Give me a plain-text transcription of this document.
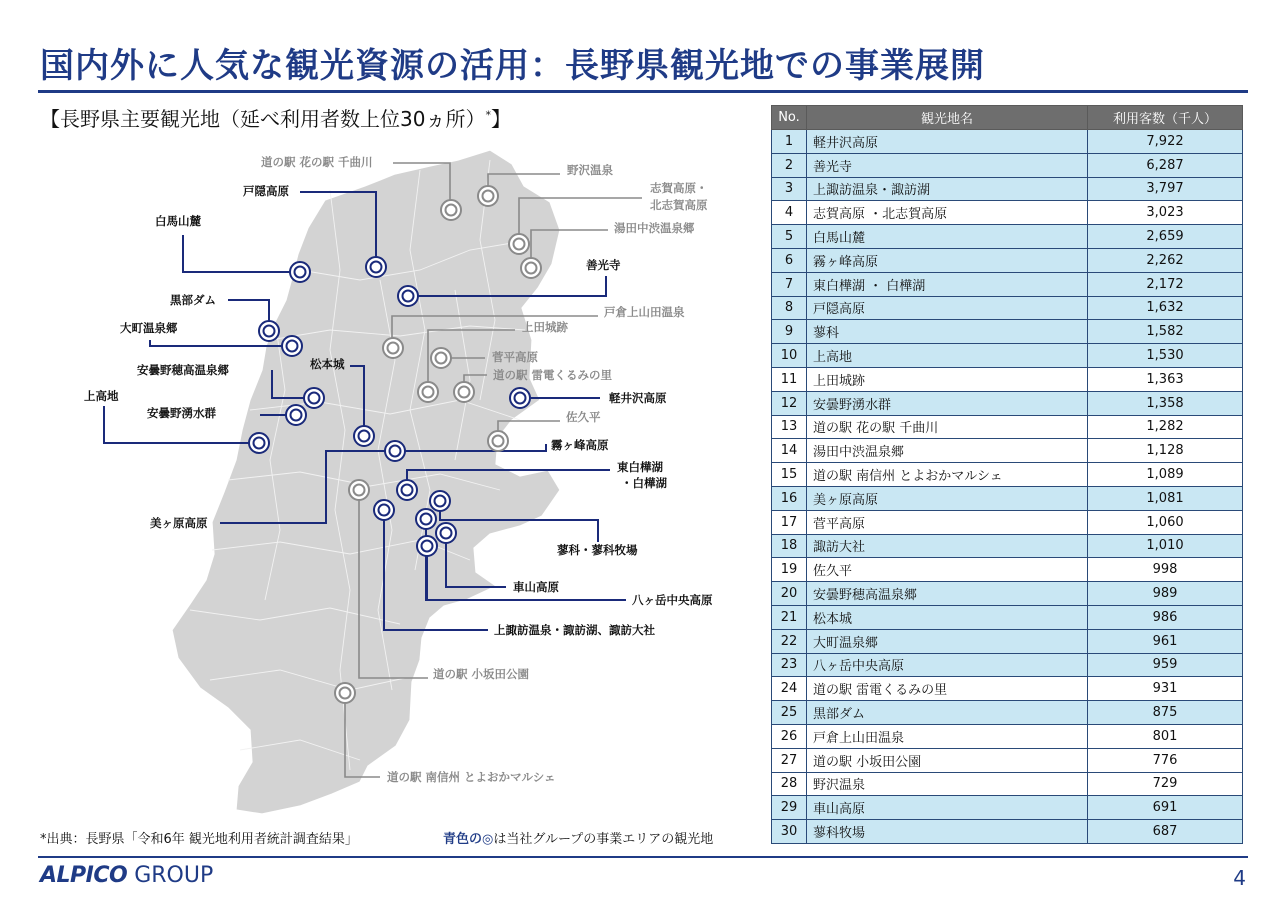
国内外に人気な観光資源の活用：長野県観光地での事業展開
【長野県主要観光地（延べ利用者数上位30ヵ所）*】
道の駅 花の駅 千曲川
野沢温泉
志賀高原・
北志賀高原
湯田中渋温泉郷
戸隠高原
白馬山麓
善光寺
黒部ダム
戸倉上山田温泉
大町温泉郷	上田城跡
菅平高原
松本城
安曇野穂高温泉郷	道の駅 雷電くるみの里
上高地	軽井沢高原
安曇野湧水群	佐久平
霧ヶ峰高原
東白樺湖
・白樺湖
美ヶ原高原
蓼科・蓼科牧場
車山高原
八ヶ岳中央高原
上諏訪温泉・諏訪湖、諏訪大社
道の駅 小坂田公園
道の駅 南信州 とよおかマルシェ
*出典：長野県「令和6年 観光地利用者統計調査結果」	青色の◎は当社グループの事業エリアの観光地
No.	観光地名	利用客数（千人）
1	軽井沢高原	7,922
2	善光寺	6,287
3	上諏訪温泉・諏訪湖	3,797
4	志賀高原 ・北志賀高原	3,023
5	白馬山麓	2,659
6	霧ヶ峰高原	2,262
7	東白樺湖 ・ 白樺湖	2,172
8	戸隠高原	1,632
9	蓼科	1,582
10	上高地	1,530
11	上田城跡	1,363
12	安曇野湧水群	1,358
13	道の駅 花の駅 千曲川	1,282
14	湯田中渋温泉郷	1,128
15	道の駅 南信州 とよおかマルシェ	1,089
16	美ヶ原高原	1,081
17	菅平高原	1,060
18	諏訪大社	1,010
19	佐久平	998
20	安曇野穂高温泉郷	989
21	松本城	986
22	大町温泉郷	961
23	八ヶ岳中央高原	959
24	道の駅 雷電くるみの里	931
25	黒部ダム	875
26	戸倉上山田温泉	801
27	道の駅 小坂田公園	776
28	野沢温泉	729
29	車山高原	691
30	蓼科牧場	687
ALPICO GROUP	4
